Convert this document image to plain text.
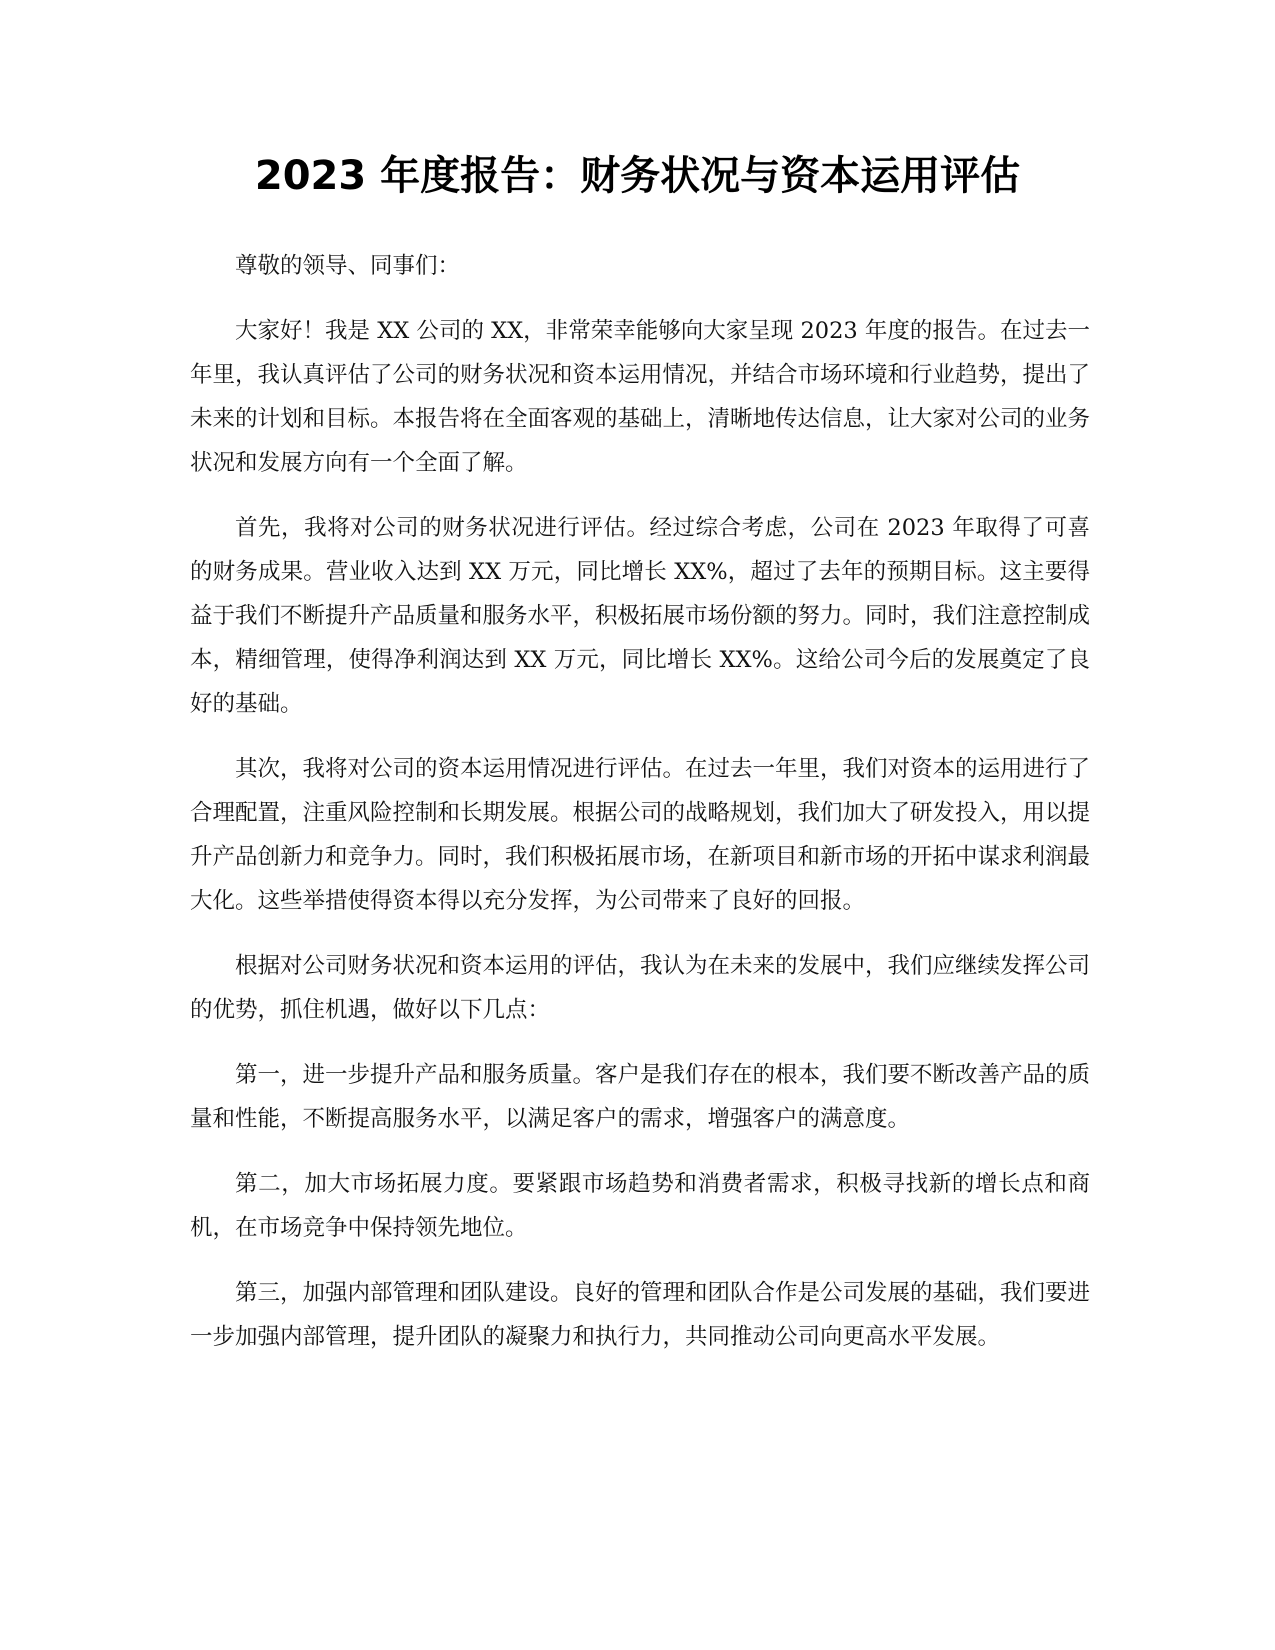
2023 年度报告：财务状况与资本运用评估

尊敬的领导、同事们：

大家好！我是 XX 公司的 XX，非常荣幸能够向大家呈现 2023 年度的报告。在过去一年里，我认真评估了公司的财务状况和资本运用情况，并结合市场环境和行业趋势，提出了未来的计划和目标。本报告将在全面客观的基础上，清晰地传达信息，让大家对公司的业务状况和发展方向有一个全面了解。

首先，我将对公司的财务状况进行评估。经过综合考虑，公司在 2023 年取得了可喜的财务成果。营业收入达到 XX 万元，同比增长 XX%，超过了去年的预期目标。这主要得益于我们不断提升产品质量和服务水平，积极拓展市场份额的努力。同时，我们注意控制成本，精细管理，使得净利润达到 XX 万元，同比增长 XX%。这给公司今后的发展奠定了良好的基础。

其次，我将对公司的资本运用情况进行评估。在过去一年里，我们对资本的运用进行了合理配置，注重风险控制和长期发展。根据公司的战略规划，我们加大了研发投入，用以提升产品创新力和竞争力。同时，我们积极拓展市场，在新项目和新市场的开拓中谋求利润最大化。这些举措使得资本得以充分发挥，为公司带来了良好的回报。

根据对公司财务状况和资本运用的评估，我认为在未来的发展中，我们应继续发挥公司的优势，抓住机遇，做好以下几点：

第一，进一步提升产品和服务质量。客户是我们存在的根本，我们要不断改善产品的质量和性能，不断提高服务水平，以满足客户的需求，增强客户的满意度。

第二，加大市场拓展力度。要紧跟市场趋势和消费者需求，积极寻找新的增长点和商机，在市场竞争中保持领先地位。

第三，加强内部管理和团队建设。良好的管理和团队合作是公司发展的基础，我们要进一步加强内部管理，提升团队的凝聚力和执行力，共同推动公司向更高水平发展。
